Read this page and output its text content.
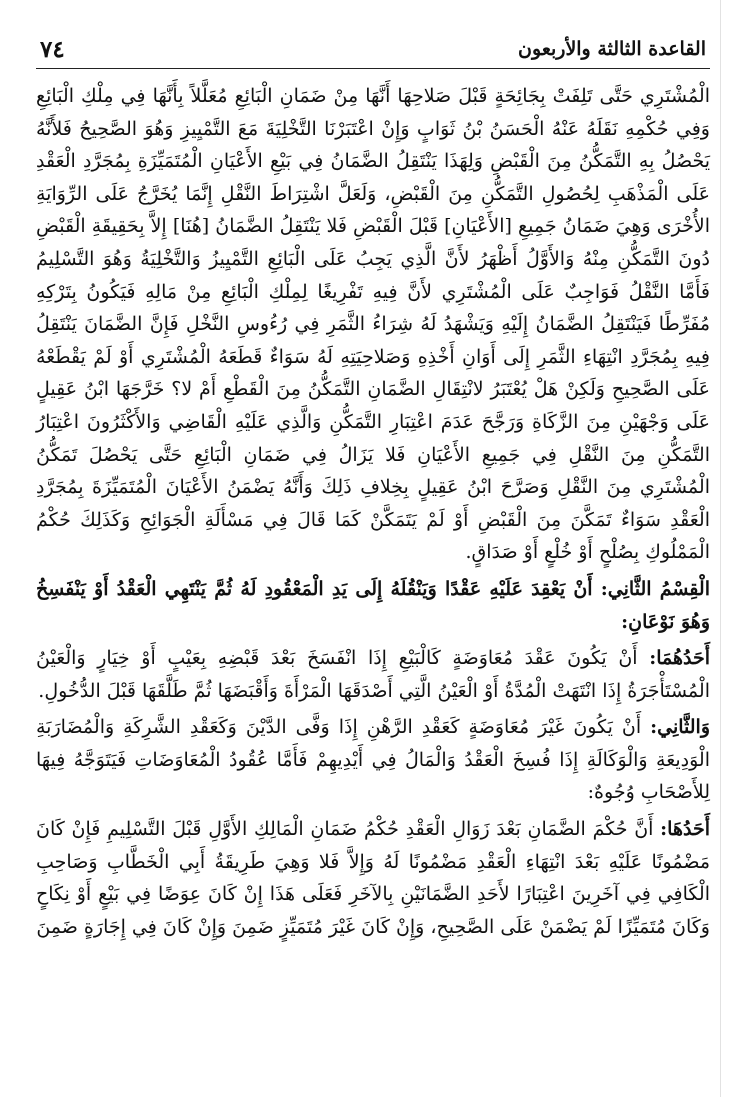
القاعدة الثالثة والأربعون
٧٤

الْمُشْتَرِي حَتَّى تَلِفَتْ بِجَائِحَةٍ قَبْلَ صَلاحِهَا أَنَّهَا مِنْ ضَمَانِ الْبَائِعِ مُعَلَّلاً بِأَنَّهَا فِي مِلْكِ الْبَائِعِ وَفِي حُكْمِهِ نَقَلَهُ عَنْهُ الْحَسَنُ بْنُ ثَوَابٍ وَإِنْ اعْتَبَرْنَا التَّخْلِيَةَ مَعَ التَّمْيِيزِ وَهُوَ الصَّحِيحُ فَلأَنَّهُ يَحْصُلُ بِهِ التَّمَكُّنُ مِنَ الْقَبْضِ وَلِهَذَا يَنْتَقِلُ الضَّمَانُ فِي بَيْعِ الأَعْيَانِ الْمُتَمَيِّزَةِ بِمُجَرَّدِ الْعَقْدِ عَلَى الْمَذْهَبِ لِحُصُولِ التَّمَكُّنِ مِنَ الْقَبْضِ، وَلَعَلَّ اشْتِرَاطَ النَّقْلِ إِنَّمَا يُخَرَّجُ عَلَى الرِّوَايَةِ الأُخْرَى وَهِيَ ضَمَانُ جَمِيعِ [الأَعْيَانِ] قَبْلَ الْقَبْضِ فَلا يَنْتَقِلُ الضَّمَانُ [هُنَا] إِلاَّ بِحَقِيقَةِ الْقَبْضِ دُونَ التَّمَكُّنِ مِنْهُ وَالأَوَّلُ أَظْهَرُ لأَنَّ الَّذِي يَجِبُ عَلَى الْبَائِعِ التَّمْيِيزُ وَالتَّخْلِيَةُ وَهُوَ التَّسْلِيمُ فَأَمَّا النَّقْلُ فَوَاجِبٌ عَلَى الْمُشْتَرِي لأَنَّ فِيهِ تَفْرِيغًا لِمِلْكِ الْبَائِعِ مِنْ مَالِهِ فَيَكُونُ بِتَرْكِهِ مُفَرِّطًا فَيَنْتَقِلُ الضَّمَانُ إِلَيْهِ وَيَشْهَدُ لَهُ شِرَاءُ الثَّمَرِ فِي رُءُوسِ النَّخْلِ فَإِنَّ الضَّمَانَ يَنْتَقِلُ فِيهِ بِمُجَرَّدِ انْتِهَاءِ الثَّمَرِ إِلَى أَوَانِ أَخْذِهِ وَصَلاحِيَتِهِ لَهُ سَوَاءٌ قَطَعَهُ الْمُشْتَرِي أَوْ لَمْ يَقْطَعْهُ عَلَى الصَّحِيحِ وَلَكِنْ هَلْ يُعْتَبَرُ لانْتِقَالِ الضَّمَانِ التَّمَكُّنُ مِنَ الْقَطْعِ أَمْ لا؟ خَرَّجَهَا ابْنُ عَقِيلٍ عَلَى وَجْهَيْنِ مِنَ الزَّكَاةِ وَرَجَّحَ عَدَمَ اعْتِبَارِ التَّمَكُّنِ وَالَّذِي عَلَيْهِ الْقَاضِي وَالأَكْثَرُونَ اعْتِبَارُ التَّمَكُّنِ مِنَ النَّقْلِ فِي جَمِيعِ الأَعْيَانِ فَلا يَزَالُ فِي ضَمَانِ الْبَائِعِ حَتَّى يَحْصُلَ تَمَكُّنُ الْمُشْتَرِي مِنَ النَّقْلِ وَصَرَّحَ ابْنُ عَقِيلٍ بِخِلافِ ذَلِكَ وَأَنَّهُ يَضْمَنُ الأَعْيَانَ الْمُتَمَيِّزَةَ بِمُجَرَّدِ الْعَقْدِ سَوَاءٌ تَمَكَّنَ مِنَ الْقَبْضِ أَوْ لَمْ يَتَمَكَّنْ كَمَا قَالَ فِي مَسْأَلَةِ الْجَوَائِحِ وَكَذَلِكَ حُكْمُ الْمَمْلُوكِ بِصُلْحٍ أَوْ خُلْعٍ أَوْ صَدَاقٍ.

الْقِسْمُ الثَّانِي: أَنْ يَعْقِدَ عَلَيْهِ عَقْدًا وَيَنْقُلَهُ إِلَى يَدِ الْمَعْقُودِ لَهُ ثُمَّ يَنْتَهِي الْعَقْدُ أَوْ يَنْفَسِخُ وَهُوَ نَوْعَانِ:

أَحَدُهُمَا: أَنْ يَكُونَ عَقْدَ مُعَاوَضَةٍ كَالْبَيْعِ إِذَا انْفَسَخَ بَعْدَ قَبْضِهِ بِعَيْبٍ أَوْ خِيَارٍ وَالْعَيْنُ الْمُسْتَأْجَرَةُ إِذَا انْتَهَتْ الْمُدَّةُ أَوْ الْعَيْنُ الَّتِي أَصْدَقَهَا الْمَرْأَةَ وَأَقْبَضَهَا ثُمَّ طَلَّقَهَا قَبْلَ الدُّخُولِ.

وَالثَّانِي: أَنْ يَكُونَ غَيْرَ مُعَاوَضَةٍ كَعَقْدِ الرَّهْنِ إِذَا وَفَّى الدَّيْنَ وَكَعَقْدِ الشَّرِكَةِ وَالْمُضَارَبَةِ الْوَدِيعَةِ وَالْوَكَالَةِ إِذَا فُسِخَ الْعَقْدُ وَالْمَالُ فِي أَيْدِيهِمْ فَأَمَّا عُقُودُ الْمُعَاوَضَاتِ فَيَتَوَجَّهُ فِيهَا لِلأَصْحَابِ وُجُوهٌ:

أَحَدُهَا: أَنَّ حُكْمَ الضَّمَانِ بَعْدَ زَوَالِ الْعَقْدِ حُكْمُ ضَمَانِ الْمَالِكِ الأَوَّلِ قَبْلَ التَّسْلِيمِ فَإِنْ كَانَ مَضْمُونًا عَلَيْهِ بَعْدَ انْتِهَاءِ الْعَقْدِ مَضْمُونًا لَهُ وَإِلاَّ فَلا وَهِيَ طَرِيقَةُ أَبِي الْخَطَّابِ وَصَاحِبِ الْكَافِي فِي آخَرِينَ اعْتِبَارًا لأَحَدِ الضَّمَانَيْنِ بِالآخَرِ فَعَلَى هَذَا إِنْ كَانَ عِوَضًا فِي بَيْعٍ أَوْ نِكَاحٍ وَكَانَ مُتَمَيِّزًا لَمْ يَضْمَنْ عَلَى الصَّحِيحِ، وَإِنْ كَانَ غَيْرَ مُتَمَيِّزٍ ضَمِنَ وَإِنْ كَانَ فِي إِجَارَةٍ ضَمِنَ
